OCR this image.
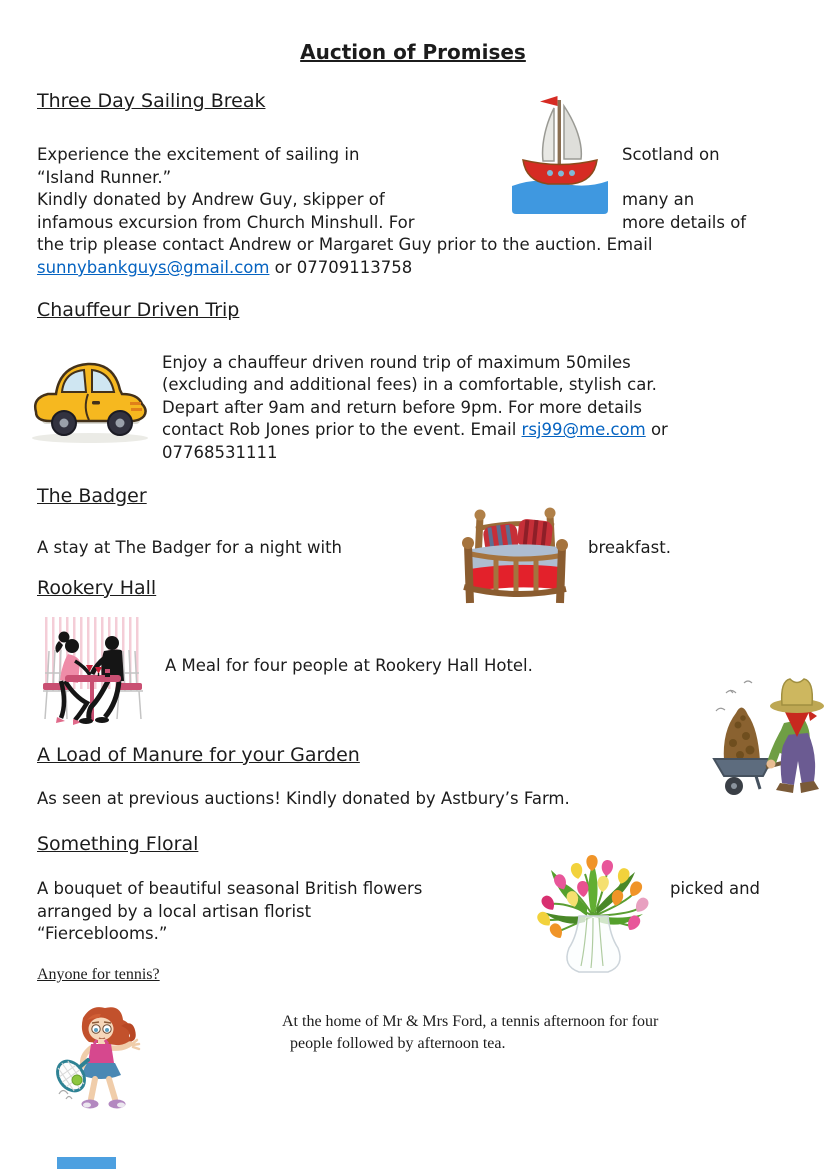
Auction of Promises
Three Day Sailing Break
Experience the excitement of sailing in	Scotland on
“Island Runner.”
Kindly donated by Andrew Guy, skipper of	many an
infamous excursion from Church Minshull. For	more details of
the trip please contact Andrew or Margaret Guy prior to the auction. Email
sunnybankguys@gmail.com or 07709113758
Chauffeur Driven Trip
Enjoy a chauffeur driven round trip of maximum 50miles
(excluding and additional fees) in a comfortable, stylish car.
Depart after 9am and return before 9pm. For more details
contact Rob Jones prior to the event. Email rsj99@me.com or
07768531111
The Badger
A stay at The Badger for a night with	breakfast.
Rookery Hall
A Meal for four people at Rookery Hall Hotel.
A Load of Manure for your Garden
As seen at previous auctions! Kindly donated by Astbury’s Farm.
Something Floral
A bouquet of beautiful seasonal British flowers	picked and
arranged by a local artisan florist
“Fierceblooms.”
Anyone for tennis?
At the home of Mr & Mrs Ford, a tennis afternoon for four
people followed by afternoon tea.
